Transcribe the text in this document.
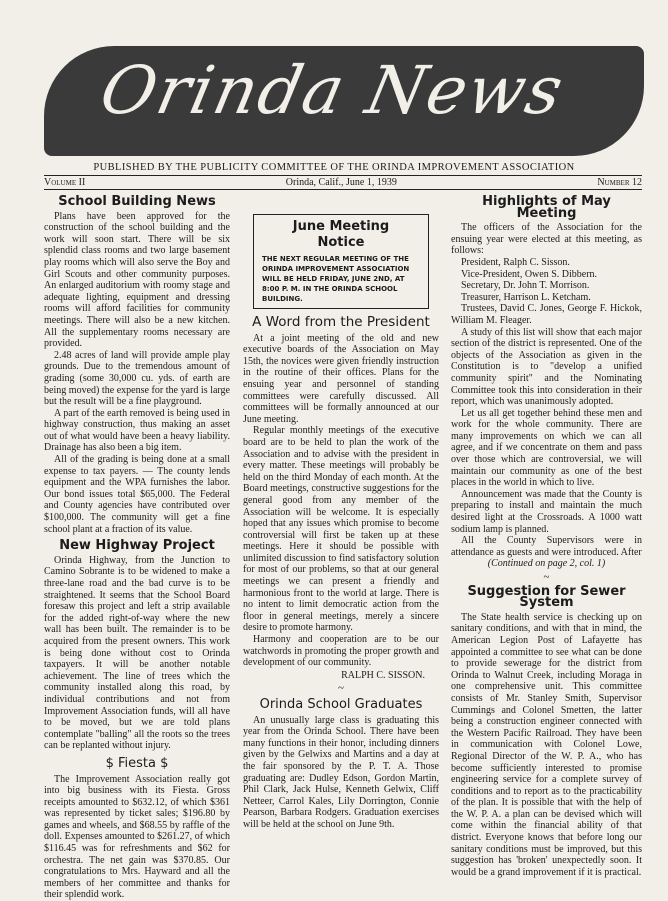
Orinda News
PUBLISHED BY THE PUBLICITY COMMITTEE OF THE ORINDA IMPROVEMENT ASSOCIATION
Volume II	Orinda, Calif., June 1, 1939	Number 12
School Building News

Plans have been approved for the construction of the school building and the work will soon start. There will be six splendid class rooms and two large basement play rooms which will also serve the Boy and Girl Scouts and other community purposes. An enlarged auditorium with roomy stage and adequate lighting, equipment and dressing rooms will afford facilities for community meetings. There will also be a new kitchen. All the supplementary rooms necessary are provided.

2.48 acres of land will provide ample play grounds. Due to the tremendous amount of grading (some 30,000 cu. yds. of earth are being moved) the expense for the yard is large but the result will be a fine playground.

A part of the earth removed is being used in highway construction, thus making an asset out of what would have been a heavy liability. Drainage has also been a big item.

All of the grading is being done at a small expense to tax payers. — The county lends equipment and the WPA furnishes the labor. Our bond issues total $65,000. The Federal and County agencies have contributed over $100,000. The community will get a fine school plant at a fraction of its value.

New Highway Project

Orinda Highway, from the Junction to Camino Sobrante is to be widened to make a three-lane road and the bad curve is to be straightened. It seems that the School Board foresaw this project and left a strip available for the added right-of-way where the new wall has been built. The remainder is to be acquired from the present owners. This work is being done without cost to Orinda taxpayers. It will be another notable achievement. The line of trees which the community installed along this road, by individual contributions and not from Improvement Association funds, will all have to be moved, but we are told plans contemplate "balling" all the roots so the trees can be replanted without injury.

$ Fiesta $

The Improvement Association really got into big business with its Fiesta. Gross receipts amounted to $632.12, of which $361 was represented by ticket sales; $196.80 by games and wheels, and $68.55 by raffle of the doll. Expenses amounted to $261.27, of which $116.45 was for refreshments and $62 for orchestra. The net gain was $370.85. Our congratulations to Mrs. Hayward and all the members of her committee and thanks for their splendid work.

June Meeting
Notice
THE NEXT REGULAR MEETING OF THE ORINDA IMPROVEMENT ASSOCIATION WILL BE HELD FRIDAY, JUNE 2ND, AT 8:00 P. M. IN THE ORINDA SCHOOL BUILDING.
A Word from the President

At a joint meeting of the old and new executive boards of the Association on May 15th, the novices were given friendly instruction in the routine of their offices. Plans for the ensuing year and personnel of standing committees were carefully discussed. All committees will be formally announced at our June meeting.

Regular monthly meetings of the executive board are to be held to plan the work of the Association and to advise with the president in every matter. These meetings will probably be held on the third Monday of each month. At the Board meetings, constructive suggestions for the general good from any member of the Association will be welcome. It is especially hoped that any issues which promise to become controversial will first be taken up at these meetings. Here it should be possible with unlimited discussion to find satisfactory solution for most of our problems, so that at our general meetings we can present a friendly and harmonious front to the world at large. There is no intent to limit democratic action from the floor in general meetings, merely a sincere desire to promote harmony.

Harmony and cooperation are to be our watchwords in promoting the proper growth and development of our community.

RALPH C. SISSON.
~
Orinda School Graduates

An unusually large class is graduating this year from the Orinda School. There have been many functions in their honor, including dinners given by the Gelwixs and Martins and a day at the fair sponsored by the P. T. A. Those graduating are: Dudley Edson, Gordon Martin, Phil Clark, Jack Hulse, Kenneth Gelwix, Cliff Netteer, Carrol Kales, Lily Dorrington, Connie Pearson, Barbara Rodgers. Graduation exercises will be held at the school on June 9th.

Highlights of May Meeting

The officers of the Association for the ensuing year were elected at this meeting, as follows:

President, Ralph C. Sisson.

Vice-President, Owen S. Dibbern.

Secretary, Dr. John T. Morrison.

Treasurer, Harrison L. Ketcham.

Trustees, David C. Jones, George F. Hickok, William M. Fleager.

A study of this list will show that each major section of the district is represented. One of the objects of the Association as given in the Constitution is to "develop a unified community spirit" and the Nominating Committee took this into consideration in their report, which was unanimously adopted.

Let us all get together behind these men and work for the whole community. There are many improvements on which we can all agree, and if we concentrate on them and pass over those which are controversial, we will maintain our community as one of the best places in the world in which to live.

Announcement was made that the County is preparing to install and maintain the much desired light at the Crossroads. A 1000 watt sodium lamp is planned.

All the County Supervisors were in attendance as guests and were introduced. After

(Continued on page 2, col. 1)
~
Suggestion for Sewer System

The State health service is checking up on sanitary conditions, and with that in mind, the American Legion Post of Lafayette has appointed a committee to see what can be done to provide sewerage for the district from Orinda to Walnut Creek, including Moraga in one comprehensive unit. This committee consists of Mr. Stanley Smith, Supervisor Cummings and Colonel Smetten, the latter being a construction engineer connected with the Western Pacific Railroad. They have been in communication with Colonel Lowe, Regional Director of the W. P. A., who has become sufficiently interested to promise engineering service for a complete survey of conditions and to report as to the practicability of the plan. It is possible that with the help of the W. P. A. a plan can be devised which will come within the financial ability of that district. Everyone knows that before long our sanitary conditions must be improved, but this suggestion has 'broken' unexpectedly soon. It would be a grand improvement if it is practical.
